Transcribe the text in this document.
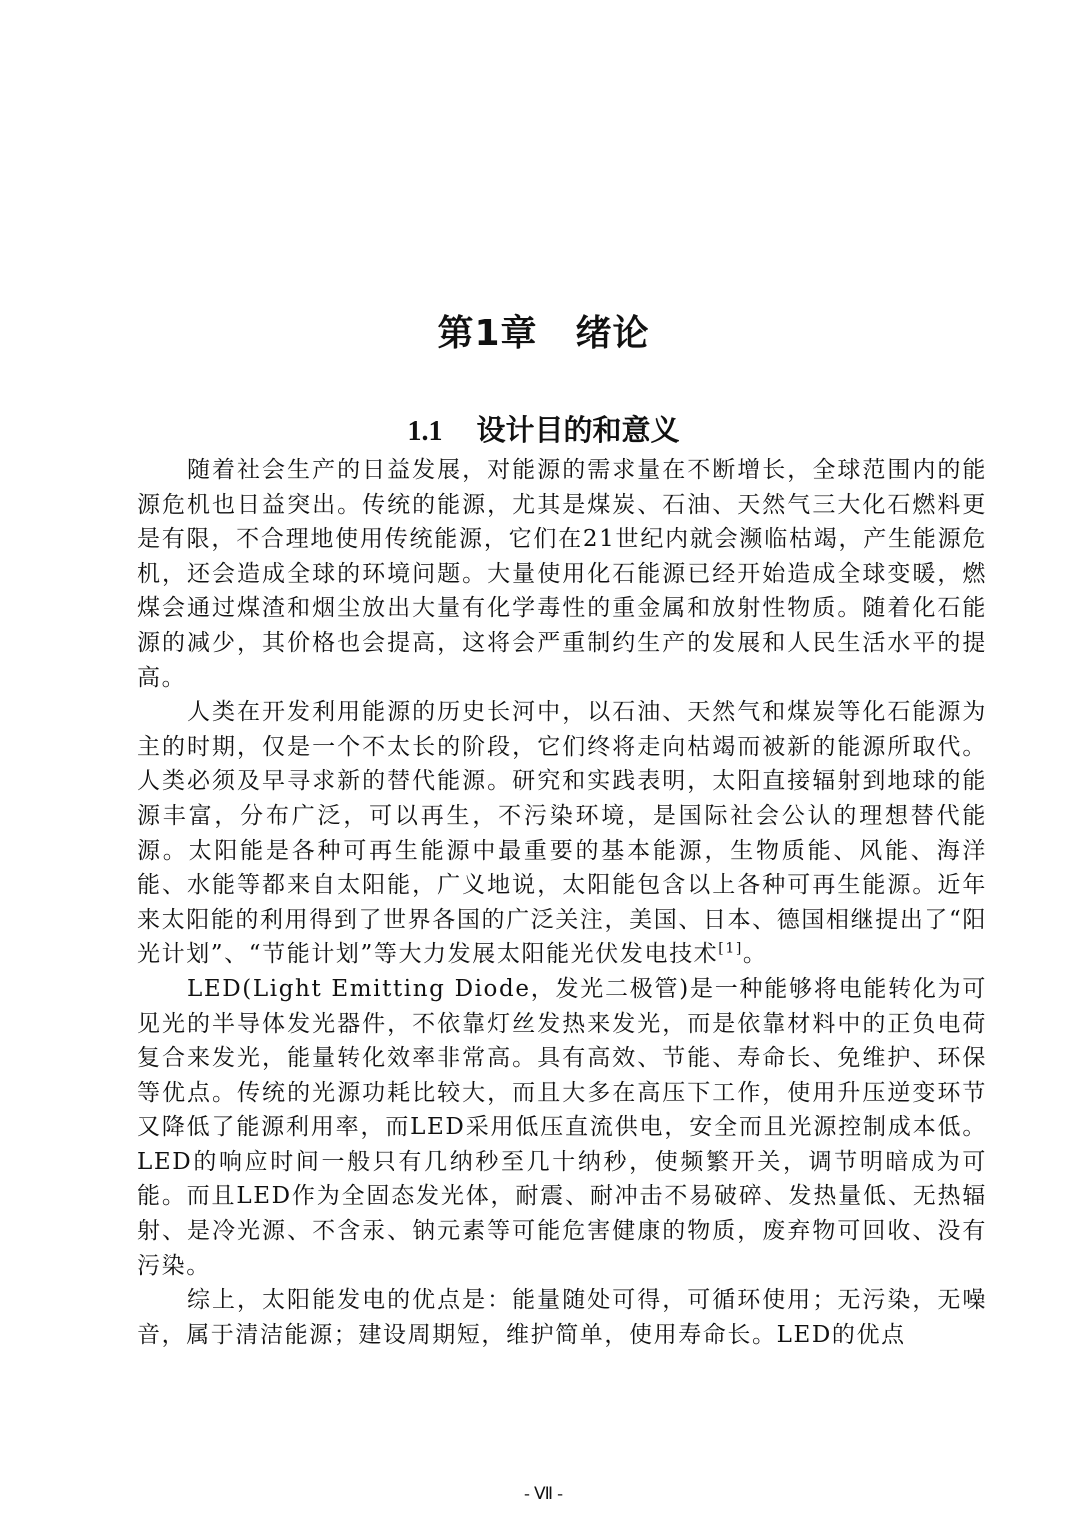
第1章 绪论
1.1 设计目的和意义

随着社会生产的日益发展，对能源的需求量在不断增长，全球范围内的能源危机也日益突出。传统的能源，尤其是煤炭、石油、天然气三大化石燃料更是有限，不合理地使用传统能源，它们在21世纪内就会濒临枯竭，产生能源危机，还会造成全球的环境问题。大量使用化石能源已经开始造成全球变暖，燃煤会通过煤渣和烟尘放出大量有化学毒性的重金属和放射性物质。随着化石能源的减少，其价格也会提高，这将会严重制约生产的发展和人民生活水平的提高。

人类在开发利用能源的历史长河中，以石油、天然气和煤炭等化石能源为主的时期，仅是一个不太长的阶段，它们终将走向枯竭而被新的能源所取代。人类必须及早寻求新的替代能源。研究和实践表明，太阳直接辐射到地球的能源丰富，分布广泛，可以再生，不污染环境，是国际社会公认的理想替代能源。太阳能是各种可再生能源中最重要的基本能源，生物质能、风能、海洋能、水能等都来自太阳能，广义地说，太阳能包含以上各种可再生能源。近年来太阳能的利用得到了世界各国的广泛关注，美国、日本、德国相继提出了“阳光计划”、“节能计划”等大力发展太阳能光伏发电技术[1]。

LED(Light Emitting Diode，发光二极管)是一种能够将电能转化为可见光的半导体发光器件，不依靠灯丝发热来发光，而是依靠材料中的正负电荷复合来发光，能量转化效率非常高。具有高效、节能、寿命长、免维护、环保等优点。传统的光源功耗比较大，而且大多在高压下工作，使用升压逆变环节又降低了能源利用率，而LED采用低压直流供电，安全而且光源控制成本低。LED的响应时间一般只有几纳秒至几十纳秒，使频繁开关，调节明暗成为可能。而且LED作为全固态发光体，耐震、耐冲击不易破碎、发热量低、无热辐射、是冷光源、不含汞、钠元素等可能危害健康的物质，废弃物可回收、没有污染。

综上，太阳能发电的优点是：能量随处可得，可循环使用；无污染，无噪音，属于清洁能源；建设周期短，维护简单，使用寿命长。LED的优点

- Ⅶ -
